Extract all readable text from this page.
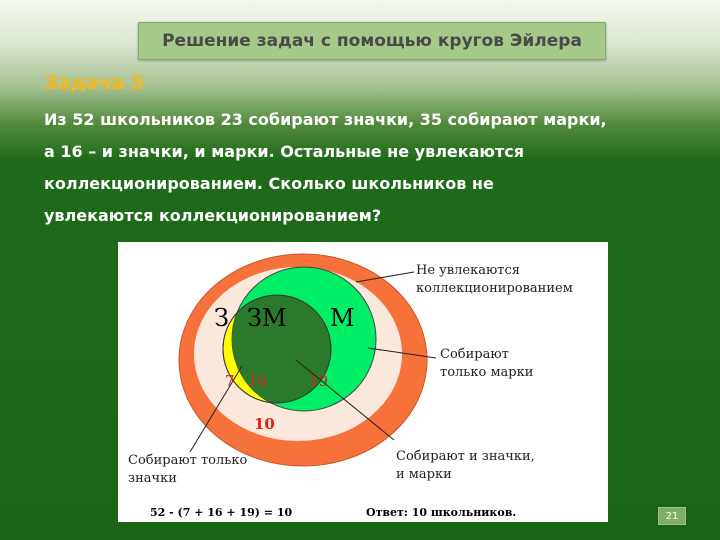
Решение задач с помощью кругов Эйлера
Задача 5
Из 52 школьников 23 собирают значки, 35 собирают марки,
а 16 – и значки, и марки. Остальные не увлекаются
коллекционированием. Сколько школьников не
увлекаются коллекционированием?
З ЗМ М
7 16	19
10
Не увлекаются коллекционированием
Собирают только марки
Собирают только значки
Собирают и значки, и марки
52 - (7 + 16 + 19) = 10	Ответ: 10 школьников.	21
